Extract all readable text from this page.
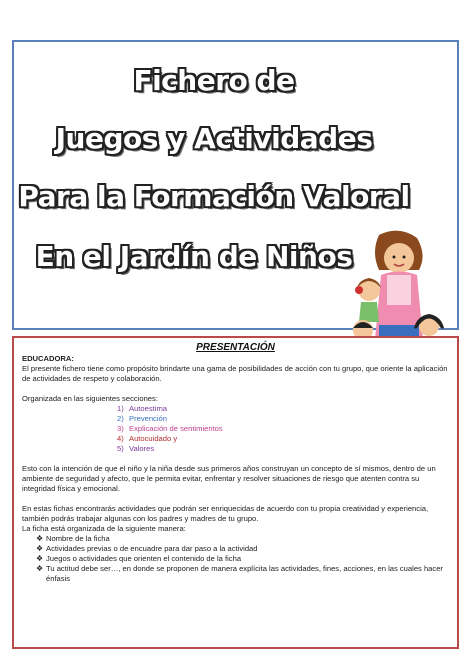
Fichero de
Juegos y Actividades
Para la Formación Valoral
En el Jardín de Niños
PRESENTACIÓN

EDUCADORA:

El presente fichero tiene como propósito brindarte una gama de posibilidades de acción con tu grupo, que oriente la aplicación de actividades de respeto y colaboración.

Organizada en las siguientes secciones:

1) Autoestima
2) Prevención
3) Explicación de sentimientos
4) Autocuidado y
5) Valores

Esto con la intención de que el niño y la niña desde sus primeros años construyan un concepto de sí mismos, dentro de un ambiente de seguridad y afecto, que le permita evitar, enfrentar y resolver situaciones de riesgo que atenten contra su integridad física y emocional.

En estas fichas encontrarás actividades que podrán ser enriquecidas de acuerdo con tu propia creatividad y experiencia, también podrás trabajar algunas con los padres y madres de tu grupo.

La ficha está organizada de la siguiente manera:

❖ Nombre de la ficha
❖ Actividades previas o de encuadre para dar paso a la actividad
❖ Juegos o actividades que orienten el contenido de la ficha
❖ Tu actitud debe ser…, en donde se proponen de manera explícita las actividades, fines, acciones, en las cuales hacer énfasis
